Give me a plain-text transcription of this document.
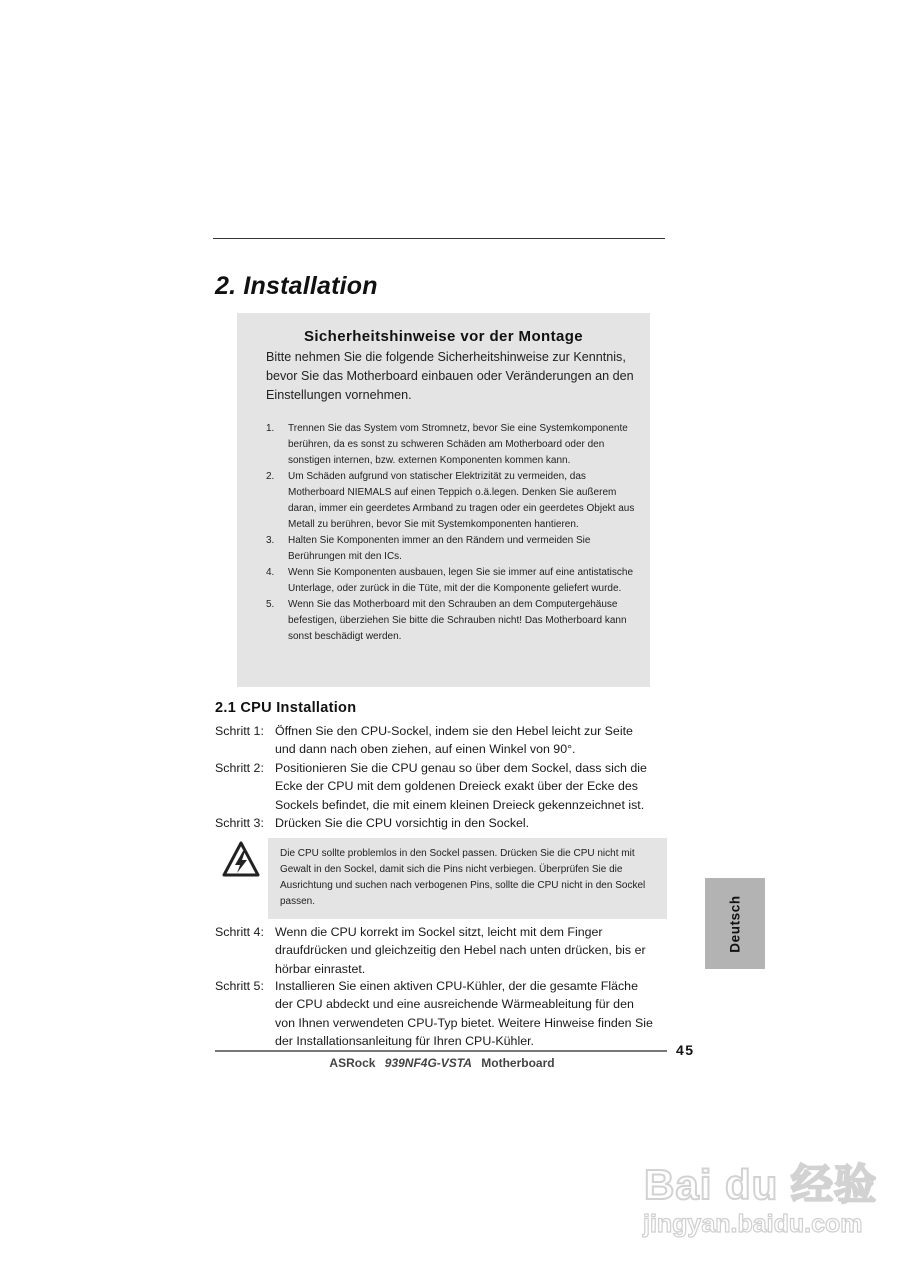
2. Installation
Sicherheitshinweise vor der Montage
Bitte nehmen Sie die folgende Sicherheitshinweise zur Kenntnis, bevor Sie das Motherboard einbauen oder Veränderungen an den Einstellungen vornehmen.
1. Trennen Sie das System vom Stromnetz, bevor Sie eine Systemkomponente berühren, da es sonst zu schweren Schäden am Motherboard oder den sonstigen internen, bzw. externen Komponenten kommen kann.
2. Um Schäden aufgrund von statischer Elektrizität zu vermeiden, das Motherboard NIEMALS auf einen Teppich o.ä.legen. Denken Sie außerem daran, immer ein geerdetes Armband zu tragen oder ein geerdetes Objekt aus Metall zu berühren, bevor Sie mit Systemkomponenten hantieren.
3. Halten Sie Komponenten immer an den Rändern und vermeiden Sie Berührungen mit den ICs.
4. Wenn Sie Komponenten ausbauen, legen Sie sie immer auf eine antistatische Unterlage, oder zurück in die Tüte, mit der die Komponente geliefert wurde.
5. Wenn Sie das Motherboard mit den Schrauben an dem Computergehäuse befestigen, überziehen Sie bitte die Schrauben nicht! Das Motherboard kann sonst beschädigt werden.
2.1 CPU Installation
Schritt 1: Öffnen Sie den CPU-Sockel, indem sie den Hebel leicht zur Seite und dann nach oben ziehen, auf einen Winkel von 90°.
Schritt 2: Positionieren Sie die CPU genau so über dem Sockel, dass sich die Ecke der CPU mit dem goldenen Dreieck exakt über der Ecke des Sockels befindet, die mit einem kleinen Dreieck gekennzeichnet ist.
Schritt 3: Drücken Sie die CPU vorsichtig in den Sockel.
Die CPU sollte problemlos in den Sockel passen. Drücken Sie die CPU nicht mit Gewalt in den Sockel, damit sich die Pins nicht verbiegen. Überprüfen Sie die Ausrichtung und suchen nach verbogenen Pins, sollte die CPU nicht in den Sockel passen.
Schritt 4: Wenn die CPU korrekt im Sockel sitzt, leicht mit dem Finger draufdrücken und gleichzeitig den Hebel nach unten drücken, bis er hörbar einrastet.
Schritt 5: Installieren Sie einen aktiven CPU-Kühler, der die gesamte Fläche der CPU abdeckt und eine ausreichende Wärmeableitung für den von Ihnen verwendeten CPU-Typ bietet. Weitere Hinweise finden Sie der Installationsanleitung für Ihren CPU-Kühler.
Deutsch
45
ASRock 939NF4G-VSTA Motherboard
Bai du 经验
jingyan.baidu.com
